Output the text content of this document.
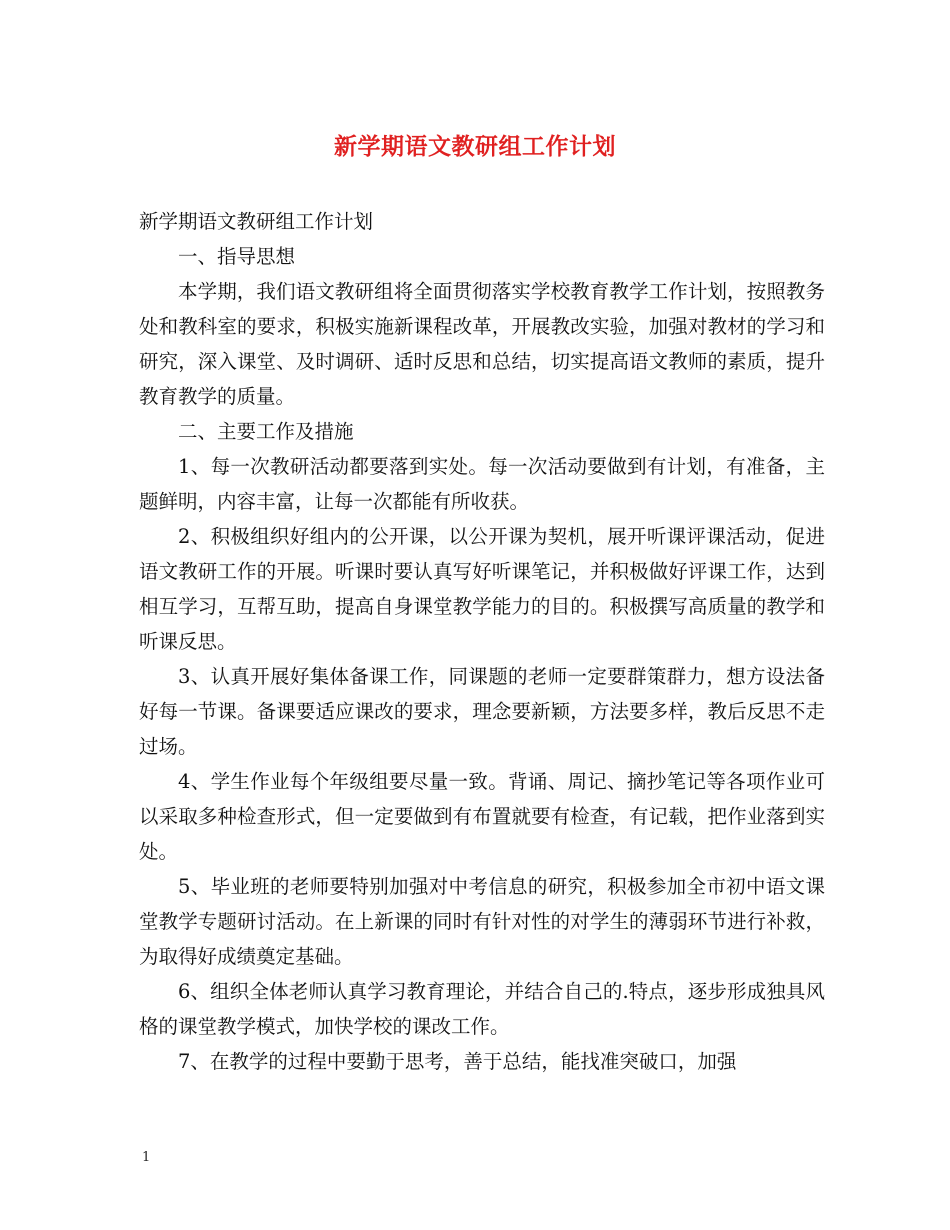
新学期语文教研组工作计划

新学期语文教研组工作计划

一、指导思想

本学期，我们语文教研组将全面贯彻落实学校教育教学工作计划，按照教务处和教科室的要求，积极实施新课程改革，开展教改实验，加强对教材的学习和研究，深入课堂、及时调研、适时反思和总结，切实提高语文教师的素质，提升教育教学的质量。

二、主要工作及措施

1、每一次教研活动都要落到实处。每一次活动要做到有计划，有准备，主题鲜明，内容丰富，让每一次都能有所收获。

2、积极组织好组内的公开课，以公开课为契机，展开听课评课活动，促进语文教研工作的开展。听课时要认真写好听课笔记，并积极做好评课工作，达到相互学习，互帮互助，提高自身课堂教学能力的目的。积极撰写高质量的教学和听课反思。

3、认真开展好集体备课工作，同课题的老师一定要群策群力，想方设法备好每一节课。备课要适应课改的要求，理念要新颖，方法要多样，教后反思不走过场。

4、学生作业每个年级组要尽量一致。背诵、周记、摘抄笔记等各项作业可以采取多种检查形式，但一定要做到有布置就要有检查，有记载，把作业落到实处。

5、毕业班的老师要特别加强对中考信息的研究，积极参加全市初中语文课堂教学专题研讨活动。在上新课的同时有针对性的对学生的薄弱环节进行补救，为取得好成绩奠定基础。

6、组织全体老师认真学习教育理论，并结合自己的.特点，逐步形成独具风格的课堂教学模式，加快学校的课改工作。

7、在教学的过程中要勤于思考，善于总结，能找准突破口，加强

1
